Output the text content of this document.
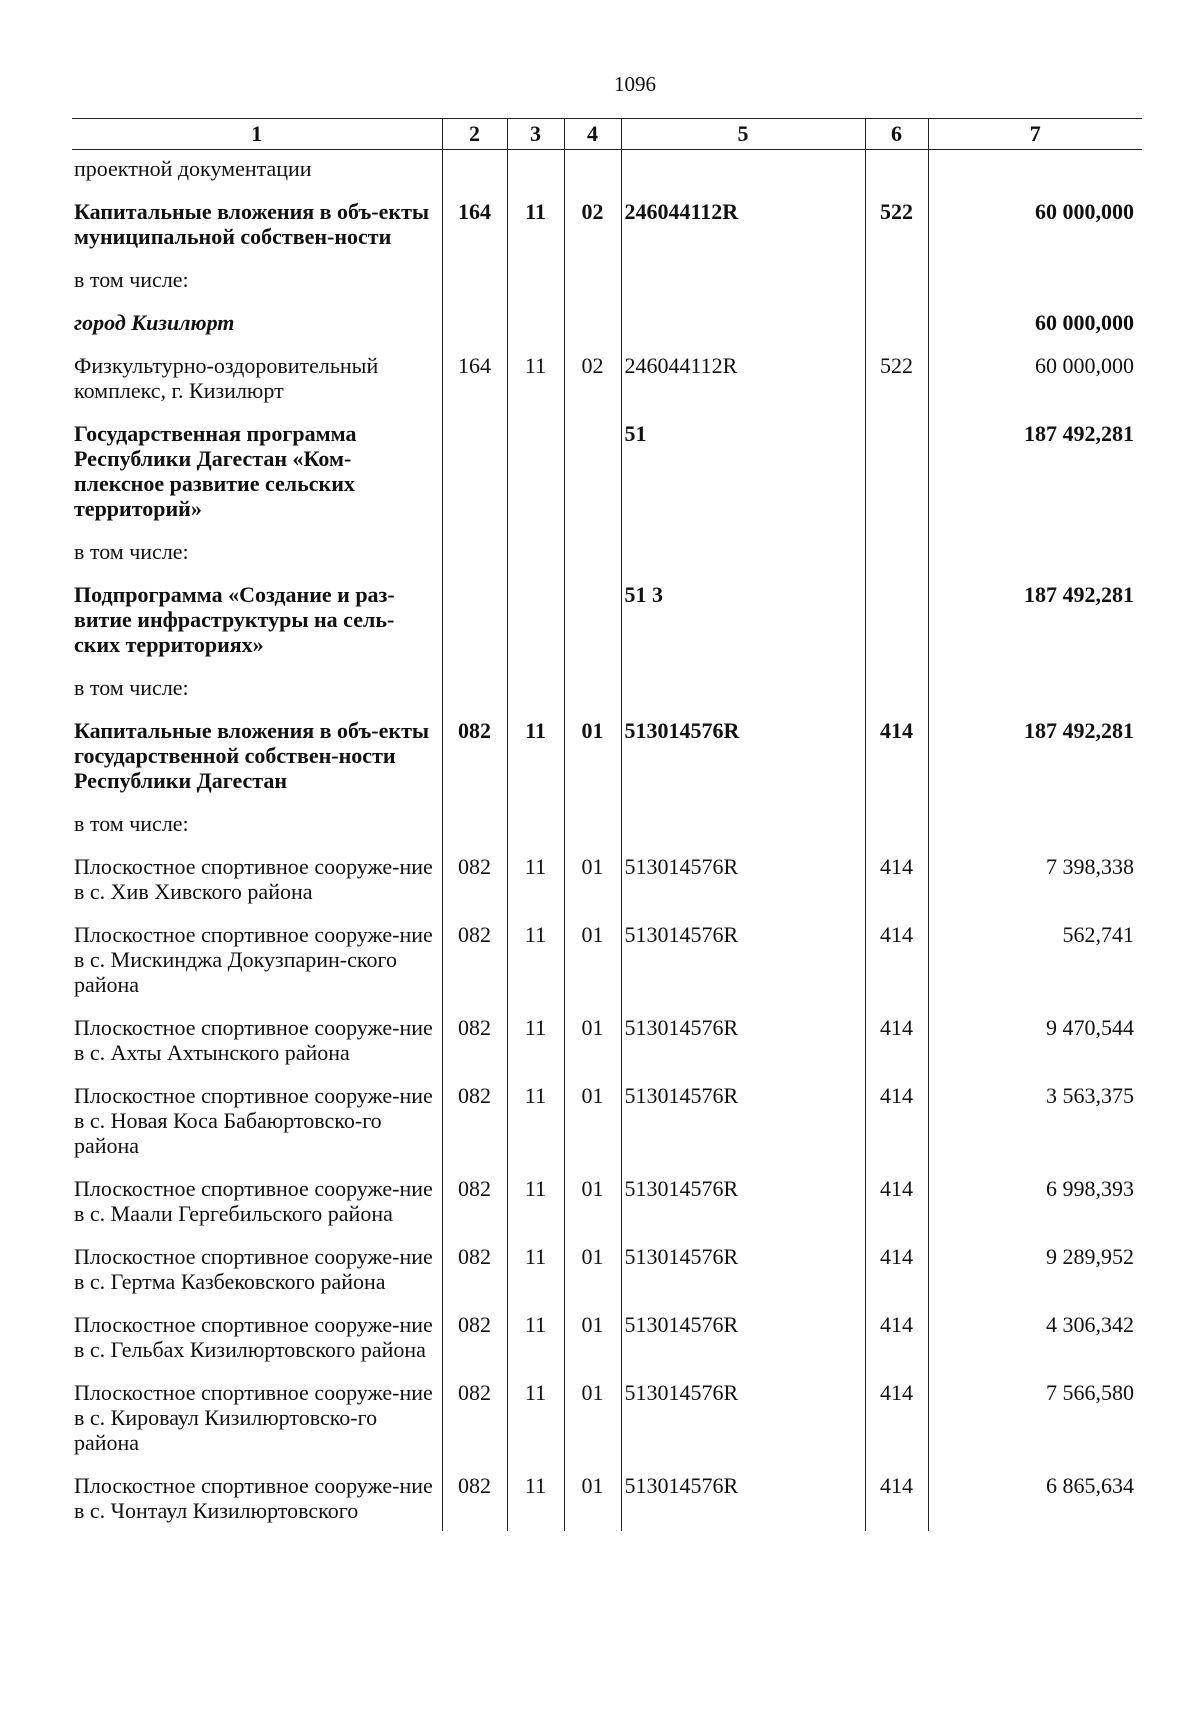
1096
1	2	3	4	5	6	7
проектной документации						
Капитальные вложения в объ-екты муниципальной собствен-ности	164	11	02	246044112R	522	60 000,000
в том числе:						
город Кизилюрт						60 000,000
Физкультурно-оздоровительный комплекс, г. Кизилюрт	164	11	02	246044112R	522	60 000,000
Государственная программа Республики Дагестан «Ком-плексное развитие сельских территорий»				51		187 492,281
в том числе:						
Подпрограмма «Создание и раз-витие инфраструктуры на сель-ских территориях»				51 3		187 492,281
в том числе:						
Капитальные вложения в объ-екты государственной собствен-ности Республики Дагестан	082	11	01	513014576R	414	187 492,281
в том числе:						
Плоскостное спортивное сооруже-ние в с. Хив Хивского района	082	11	01	513014576R	414	7 398,338
Плоскостное спортивное сооруже-ние в с. Мискинджа Докузпарин-ского района	082	11	01	513014576R	414	562,741
Плоскостное спортивное сооруже-ние в с. Ахты Ахтынского района	082	11	01	513014576R	414	9 470,544
Плоскостное спортивное сооруже-ние в с. Новая Коса Бабаюртовско-го района	082	11	01	513014576R	414	3 563,375
Плоскостное спортивное сооруже-ние в с. Маали Гергебильского района	082	11	01	513014576R	414	6 998,393
Плоскостное спортивное сооруже-ние в с. Гертма Казбековского района	082	11	01	513014576R	414	9 289,952
Плоскостное спортивное сооруже-ние в с. Гельбах Кизилюртовского района	082	11	01	513014576R	414	4 306,342
Плоскостное спортивное сооруже-ние в с. Кироваул Кизилюртовско-го района	082	11	01	513014576R	414	7 566,580
Плоскостное спортивное сооруже-ние в с. Чонтаул Кизилюртовского	082	11	01	513014576R	414	6 865,634
